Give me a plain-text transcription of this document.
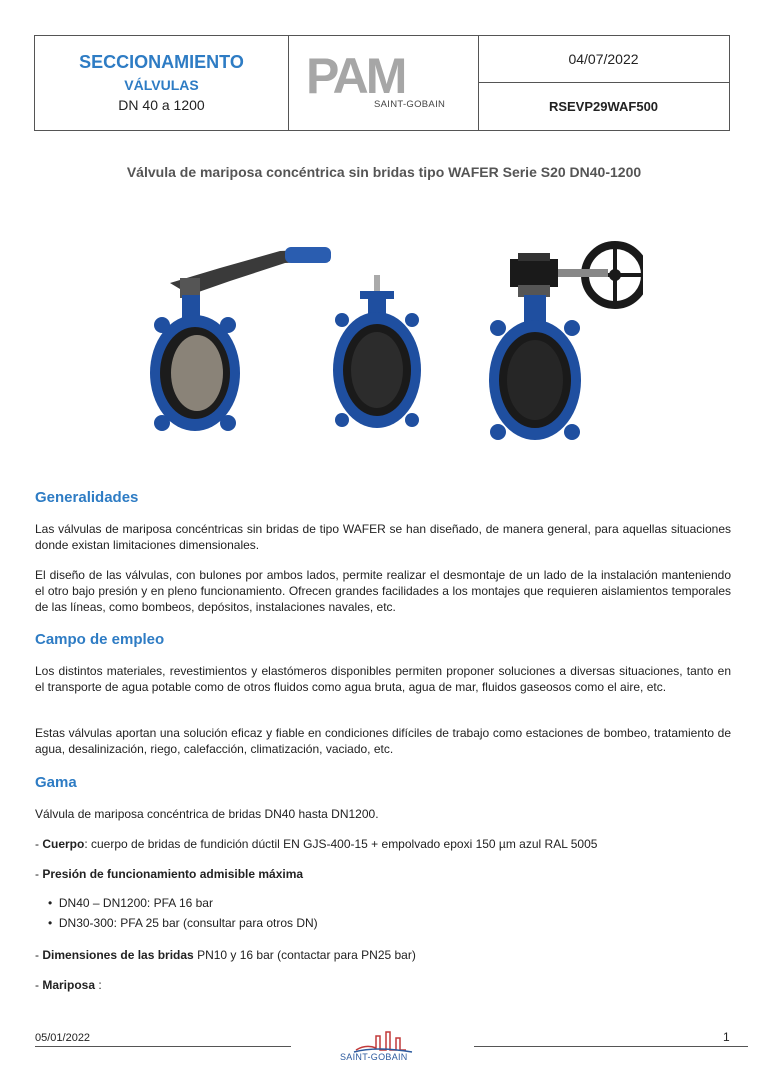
SECCIONAMIENTO
VÁLVULAS
DN 40 a 1200
PAM
SAINT-GOBAIN
04/07/2022
RSEVP29WAF500
Válvula de mariposa concéntrica sin bridas tipo WAFER Serie S20 DN40-1200
Generalidades
Las válvulas de mariposa concéntricas sin bridas de tipo WAFER se han diseñado, de manera general, para aquellas situaciones donde existan limitaciones dimensionales.
El diseño de las válvulas, con bulones por ambos lados, permite realizar el desmontaje de un lado de la instalación manteniendo el otro bajo presión y en pleno funcionamiento. Ofrecen grandes facilidades a los montajes que requieren aislamientos temporales de las líneas, como bombeos, depósitos, instalaciones navales, etc.
Campo de empleo
Los distintos materiales, revestimientos y elastómeros disponibles permiten proponer soluciones a diversas situaciones, tanto en el transporte de agua potable como de otros fluidos como agua bruta, agua de mar, fluidos gaseosos como el aire, etc.
Estas válvulas aportan una solución eficaz y fiable en condiciones difíciles de trabajo como estaciones de bombeo, tratamiento de agua, desalinización, riego, calefacción, climatización, vaciado, etc.
Gama
Válvula de mariposa concéntrica de bridas DN40 hasta DN1200.
- Cuerpo: cuerpo de bridas de fundición dúctil EN GJS-400-15 + empolvado epoxi 150 µm azul RAL 5005
- Presión de funcionamiento admisible máxima
•  DN40 – DN1200: PFA 16 bar
•  DN30-300: PFA 25 bar (consultar para otros DN)
- Dimensiones de las bridas PN10 y 16 bar (contactar para PN25 bar)
- Mariposa :
05/01/2022
SAINT-GOBAIN
1
